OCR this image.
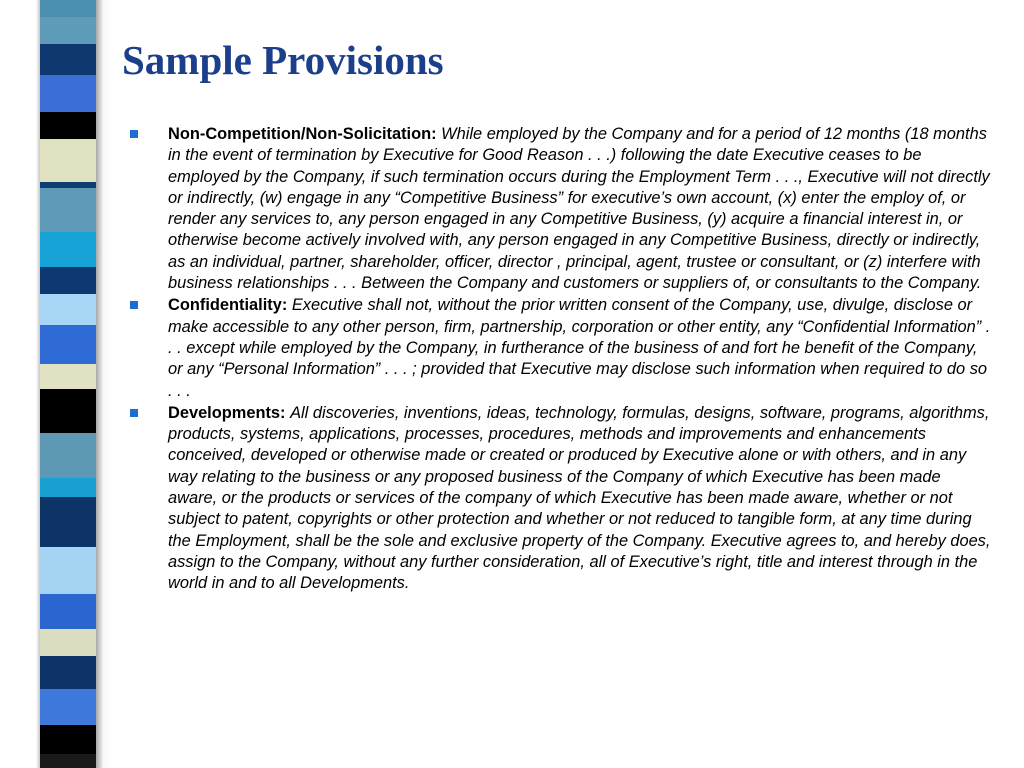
Sample Provisions
Non-Competition/Non-Solicitation: While employed by the Company and for a period of 12 months (18 months in the event of termination by Executive for Good Reason . . .) following the date Executive ceases to be employed by the Company, if such termination occurs during the Employment Term . . ., Executive will not directly or indirectly, (w) engage in any “Competitive Business” for executive’s own account, (x) enter the employ of, or render any services to, any person engaged in any Competitive Business, (y) acquire a financial interest in, or otherwise become actively involved with, any person engaged in any Competitive Business, directly or indirectly, as an individual, partner, shareholder, officer, director , principal, agent, trustee or consultant, or (z) interfere with business relationships . . . Between the Company and customers or suppliers of, or consultants to the Company.
Confidentiality: Executive shall not, without the prior written consent of the Company, use, divulge, disclose or make accessible to any other person, firm, partnership, corporation or other entity, any “Confidential Information” . . . except while employed by the Company, in furtherance of the business of and fort he benefit of the Company, or any “Personal Information” . . . ; provided that Executive may disclose such information when required to do so . . .
Developments: All discoveries, inventions, ideas, technology, formulas, designs, software, programs, algorithms, products, systems, applications, processes, procedures, methods and improvements and enhancements conceived, developed or otherwise made or created or produced by Executive alone or with others, and in any way relating to the business or any proposed business of the Company of which Executive has been made aware, or the products or services of the company of which Executive has been made aware, whether or not subject to patent, copyrights or other protection and whether or not reduced to tangible form, at any time during the Employment, shall be the sole and exclusive property of the Company. Executive agrees to, and hereby does, assign to the Company, without any further consideration, all of Executive’s right, title and interest through in the world in and to all Developments.
